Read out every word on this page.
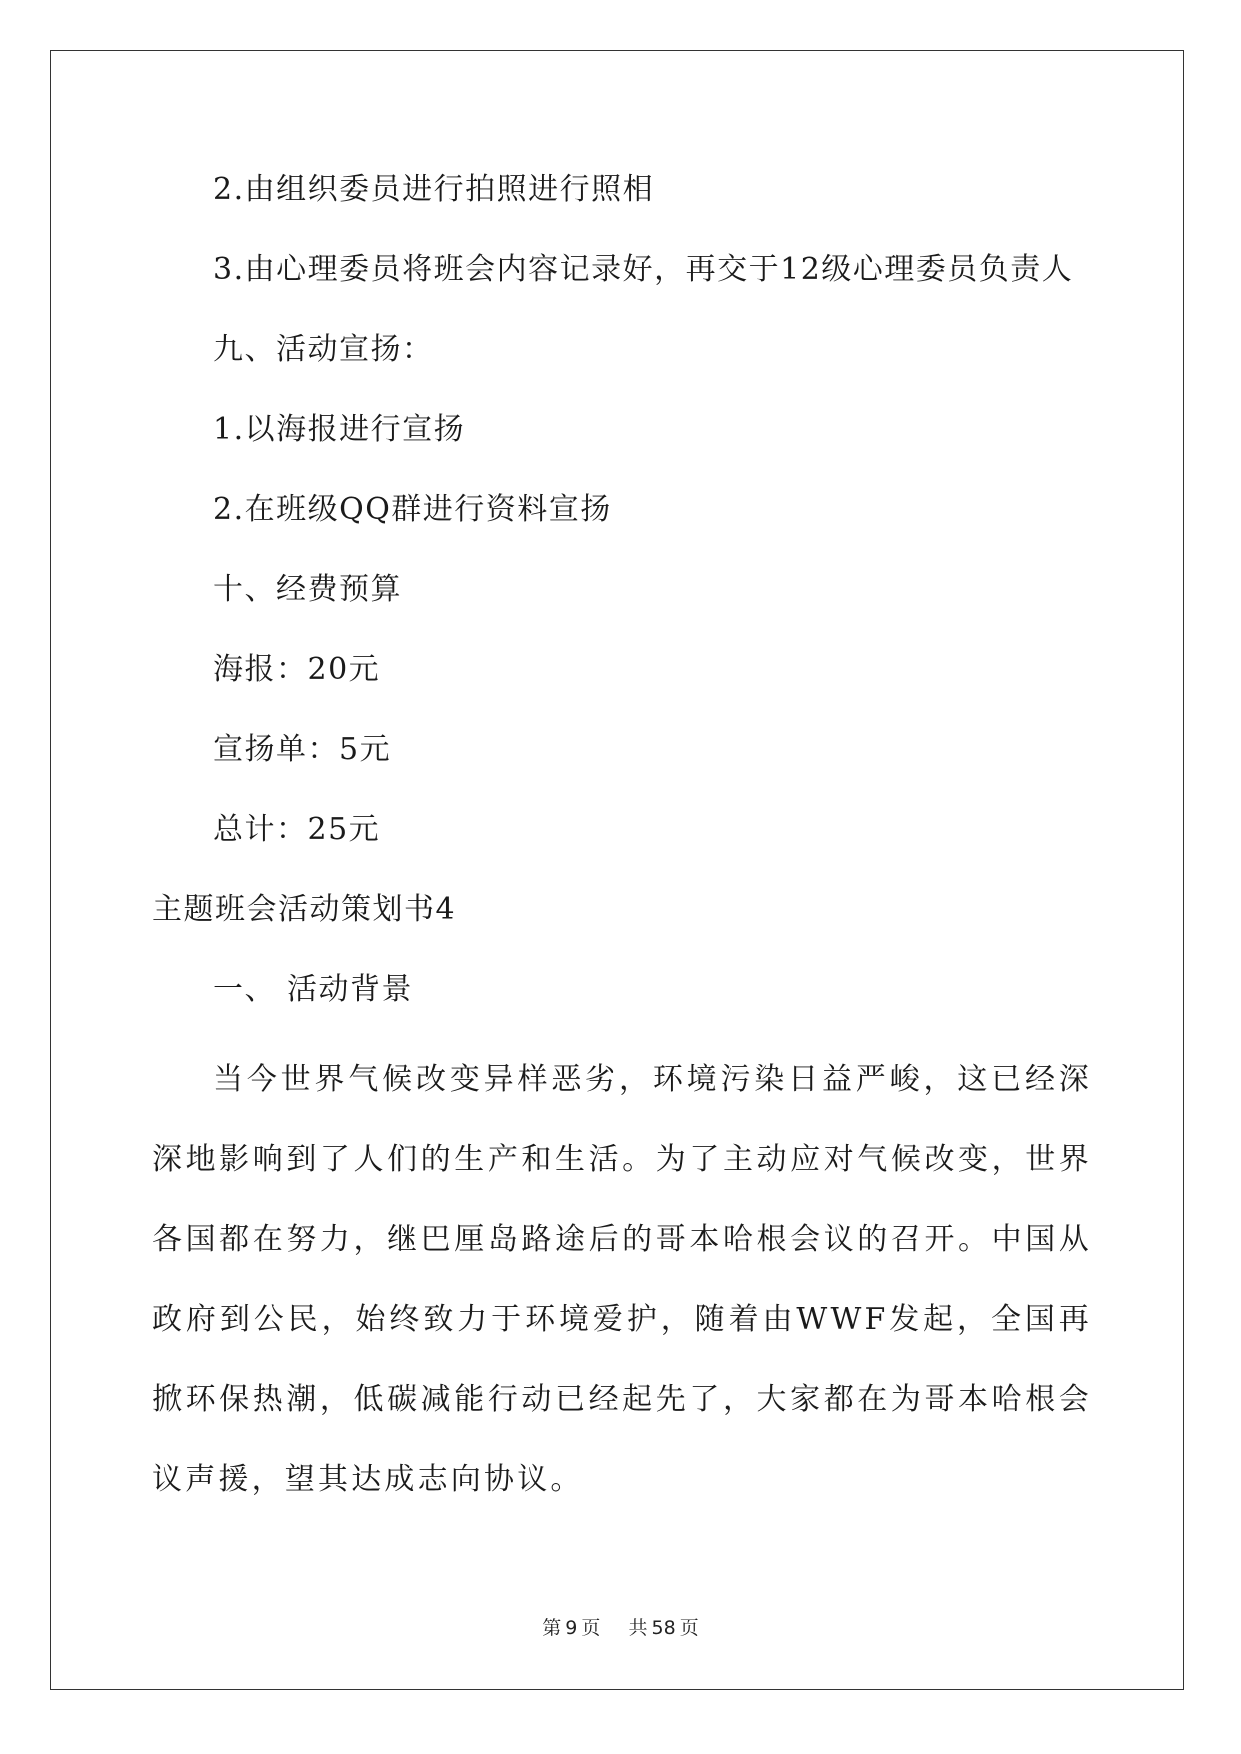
2.由组织委员进行拍照进行照相
3.由心理委员将班会内容记录好，再交于12级心理委员负责人
九、活动宣扬：
1.以海报进行宣扬
2.在班级QQ群进行资料宣扬
十、经费预算
海报：20元
宣扬单：5元
总计：25元
主题班会活动策划书4
一、 活动背景
当今世界气候改变异样恶劣，环境污染日益严峻，这已经深深地影响到了人们的生产和生活。为了主动应对气候改变，世界各国都在努力，继巴厘岛路途后的哥本哈根会议的召开。中国从政府到公民，始终致力于环境爱护，随着由WWF发起，全国再掀环保热潮，低碳减能行动已经起先了，大家都在为哥本哈根会议声援，望其达成志向协议。
第 9 页 共 58 页
